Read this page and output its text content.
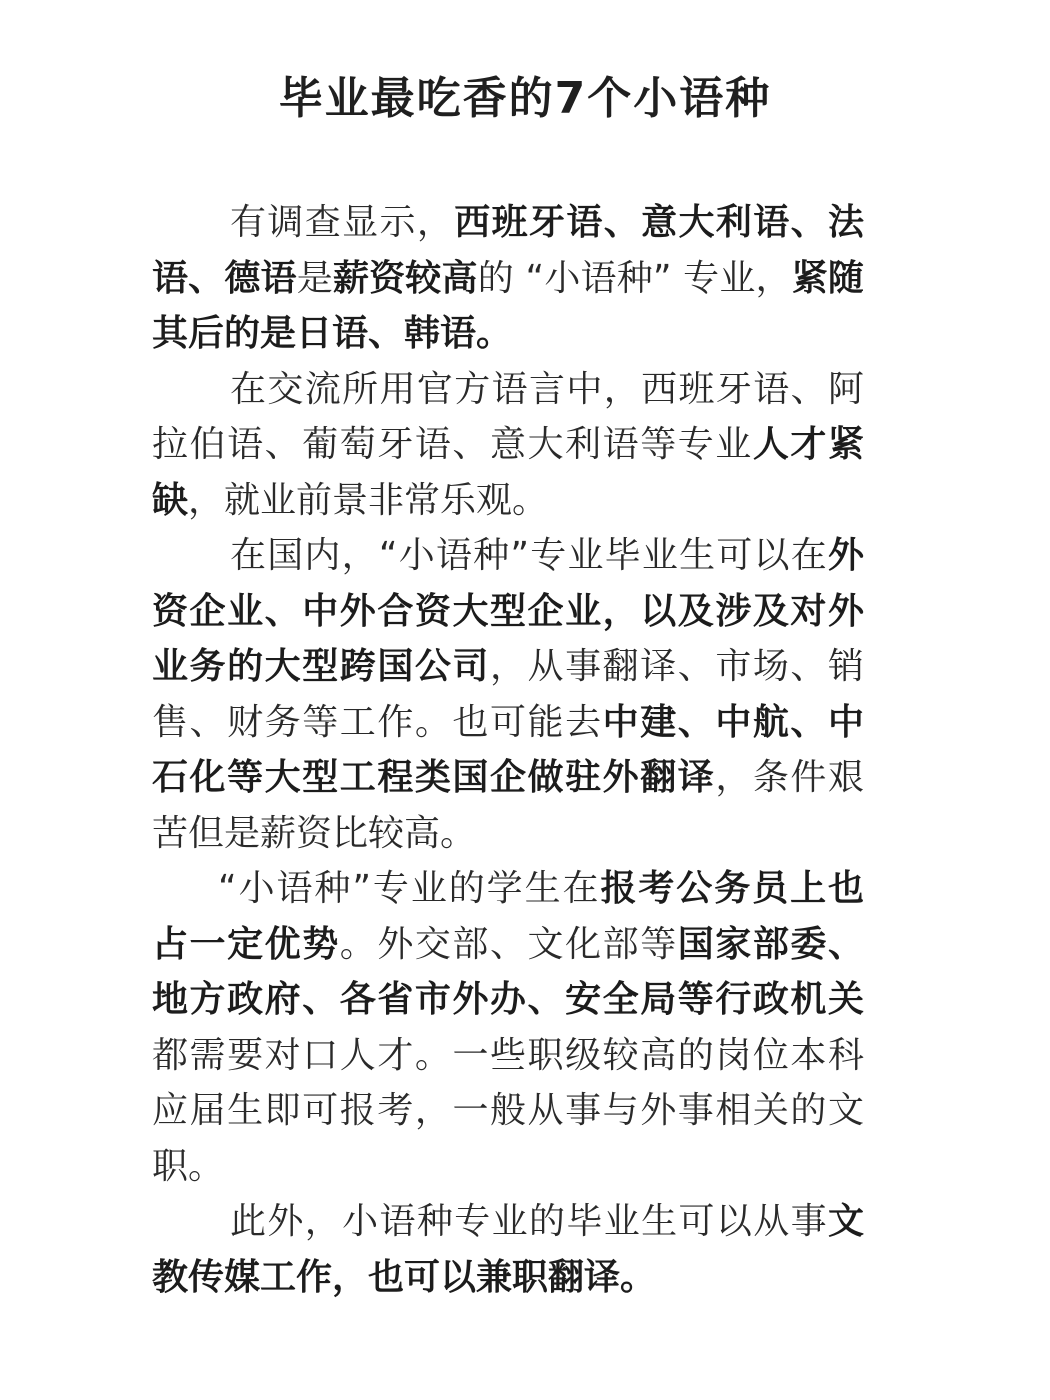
毕业最吃香的7个小语种

有调查显示，西班牙语、意大利语、法语、德语是薪资较高的 “小语种” 专业，紧随其后的是日语、韩语。

在交流所用官方语言中，西班牙语、阿拉伯语、葡萄牙语、意大利语等专业人才紧缺，就业前景非常乐观。

在国内，“小语种”专业毕业生可以在外资企业、中外合资大型企业，以及涉及对外业务的大型跨国公司，从事翻译、市场、销售、财务等工作。也可能去中建、中航、中石化等大型工程类国企做驻外翻译，条件艰苦但是薪资比较高。

“小语种”专业的学生在报考公务员上也占一定优势。外交部、文化部等国家部委、地方政府、各省市外办、安全局等行政机关都需要对口人才。一些职级较高的岗位本科应届生即可报考，一般从事与外事相关的文职。

此外，小语种专业的毕业生可以从事文教传媒工作，也可以兼职翻译。
